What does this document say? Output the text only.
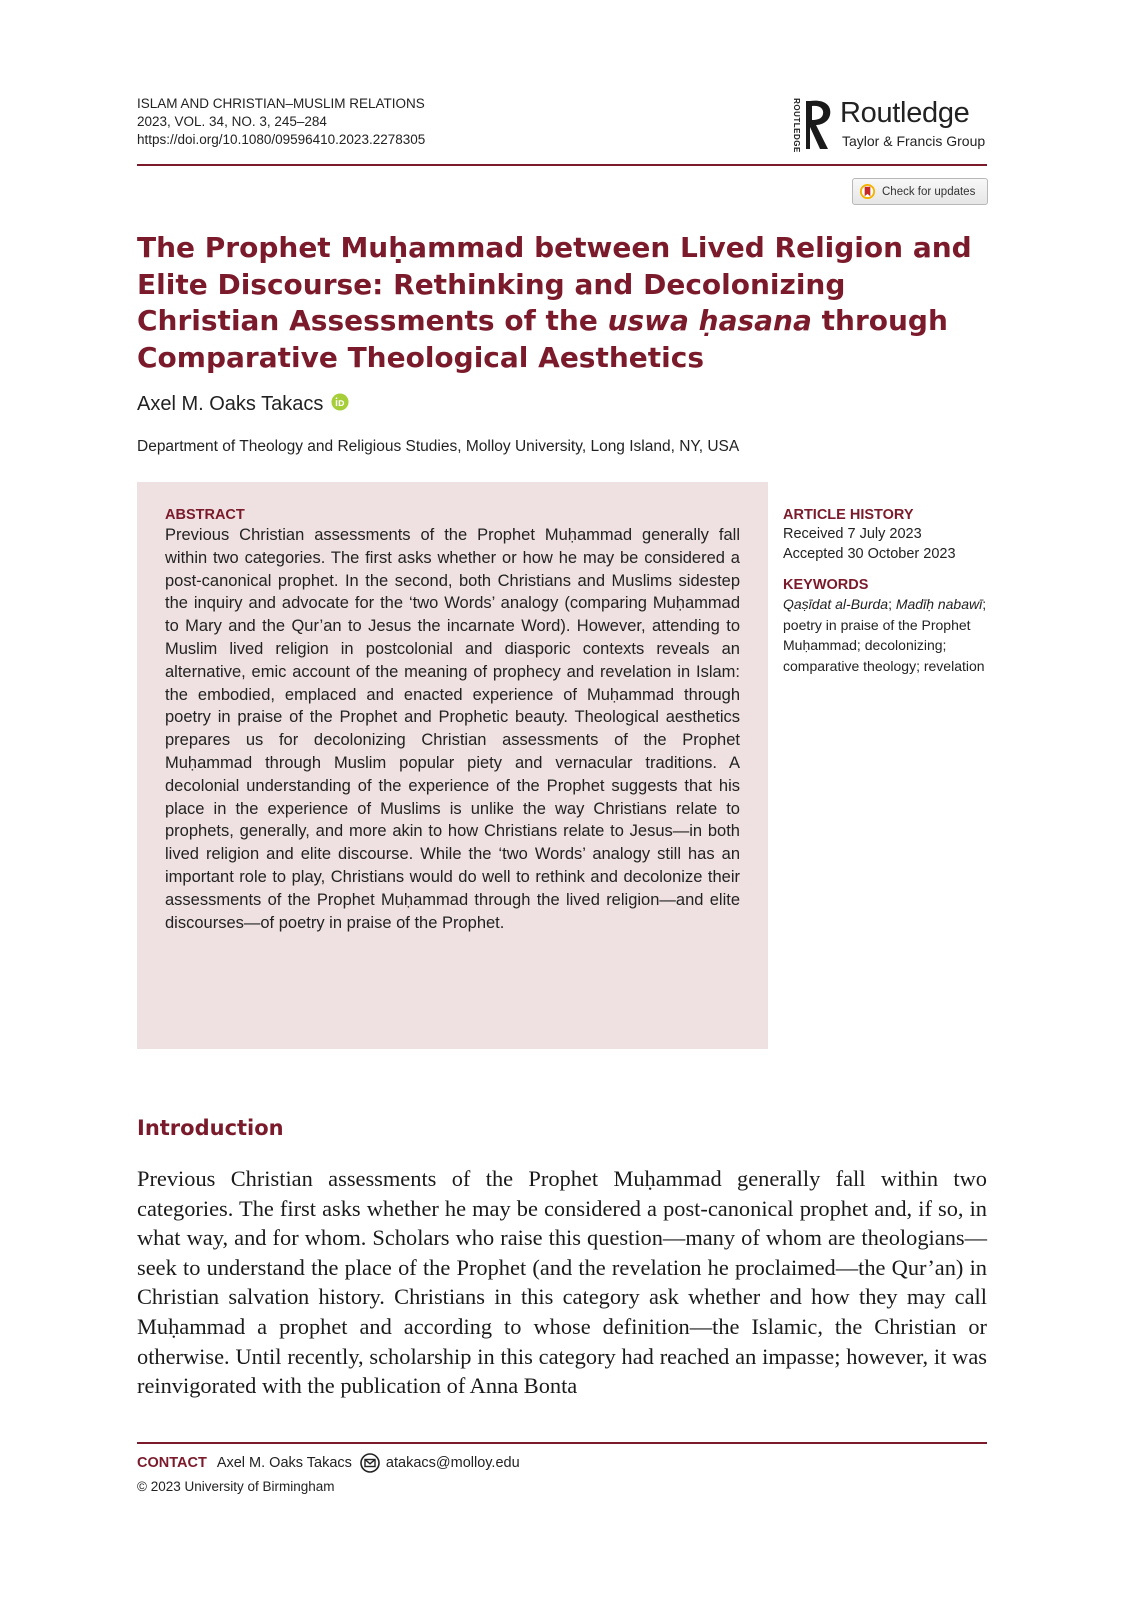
ISLAM AND CHRISTIAN–MUSLIM RELATIONS
2023, VOL. 34, NO. 3, 245–284
https://doi.org/10.1080/09596410.2023.2278305	ROUTLEDGE Routledge
Taylor & Francis Group
Check for updates
The Prophet Muḥammad between Lived Religion and Elite Discourse: Rethinking and Decolonizing Christian Assessments of the uswa ḥasana through Comparative Theological Aesthetics
Axel M. Oaks Takacs
Department of Theology and Religious Studies, Molloy University, Long Island, NY, USA
ABSTRACT
Previous Christian assessments of the Prophet Muḥammad generally fall within two categories. The first asks whether or how he may be considered a post-canonical prophet. In the second, both Christians and Muslims sidestep the inquiry and advocate for the ‘two Words’ analogy (comparing Muḥammad to Mary and the Qur’an to Jesus the incarnate Word). However, attending to Muslim lived religion in postcolonial and diasporic contexts reveals an alternative, emic account of the meaning of prophecy and revelation in Islam: the embodied, emplaced and enacted experience of Muḥammad through poetry in praise of the Prophet and Prophetic beauty. Theological aesthetics prepares us for decolonizing Christian assessments of the Prophet Muḥammad through Muslim popular piety and vernacular traditions. A decolonial understanding of the experience of the Prophet suggests that his place in the experience of Muslims is unlike the way Christians relate to prophets, generally, and more akin to how Christians relate to Jesus—in both lived religion and elite discourse. While the ‘two Words’ analogy still has an important role to play, Christians would do well to rethink and decolonize their assessments of the Prophet Muḥammad through the lived religion—and elite discourses—of poetry in praise of the Prophet.
ARTICLE HISTORY
Received 7 July 2023
Accepted 30 October 2023
KEYWORDS
Qaṣīdat al-Burda; Madīḥ nabawī; poetry in praise of the Prophet Muḥammad; decolonizing; comparative theology; revelation
Introduction
Previous Christian assessments of the Prophet Muḥammad generally fall within two categories. The first asks whether he may be considered a post-canonical prophet and, if so, in what way, and for whom. Scholars who raise this question—many of whom are theologians—seek to understand the place of the Prophet (and the revelation he proclaimed—the Qur’an) in Christian salvation history. Christians in this category ask whether and how they may call Muḥammad a prophet and according to whose definition—the Islamic, the Christian or otherwise. Until recently, scholarship in this category had reached an impasse; however, it was reinvigorated with the publication of Anna Bonta
CONTACT Axel M. Oaks Takacs atakacs@molloy.edu
© 2023 University of Birmingham
